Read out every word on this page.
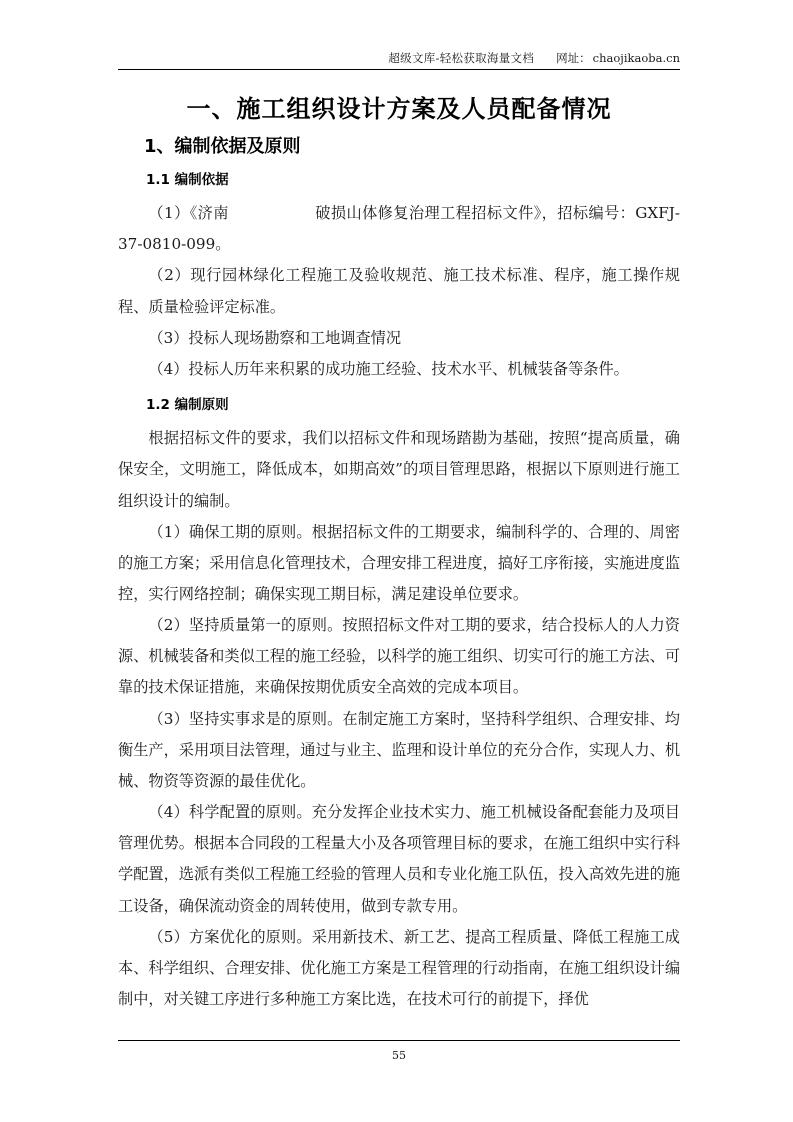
超级文库-轻松获取海量文档 网址： chaojikaoba.cn
一、施工组织设计方案及人员配备情况
1、编制依据及原则
1.1 编制依据

（1）《济南	破损山体修复治理工程招标文件》，招标编号：GXFJ-37-0810-099。

（2）现行园林绿化工程施工及验收规范、施工技术标准、程序，施工操作规程、质量检验评定标准。

（3）投标人现场勘察和工地调查情况

（4）投标人历年来积累的成功施工经验、技术水平、机械装备等条件。

1.2 编制原则

根据招标文件的要求，我们以招标文件和现场踏勘为基础，按照“提高质量，确保安全，文明施工，降低成本，如期高效”的项目管理思路，根据以下原则进行施工组织设计的编制。

（1）确保工期的原则。根据招标文件的工期要求，编制科学的、合理的、周密的施工方案；采用信息化管理技术，合理安排工程进度，搞好工序衔接，实施进度监控，实行网络控制；确保实现工期目标，满足建设单位要求。

（2）坚持质量第一的原则。按照招标文件对工期的要求，结合投标人的人力资源、机械装备和类似工程的施工经验，以科学的施工组织、切实可行的施工方法、可靠的技术保证措施，来确保按期优质安全高效的完成本项目。

（3）坚持实事求是的原则。在制定施工方案时，坚持科学组织、合理安排、均衡生产，采用项目法管理，通过与业主、监理和设计单位的充分合作，实现人力、机械、物资等资源的最佳优化。

（4）科学配置的原则。充分发挥企业技术实力、施工机械设备配套能力及项目管理优势。根据本合同段的工程量大小及各项管理目标的要求，在施工组织中实行科学配置，选派有类似工程施工经验的管理人员和专业化施工队伍，投入高效先进的施工设备，确保流动资金的周转使用，做到专款专用。

（5）方案优化的原则。采用新技术、新工艺、提高工程质量、降低工程施工成本、科学组织、合理安排、优化施工方案是工程管理的行动指南，在施工组织设计编制中，对关键工序进行多种施工方案比选，在技术可行的前提下，择优

55
